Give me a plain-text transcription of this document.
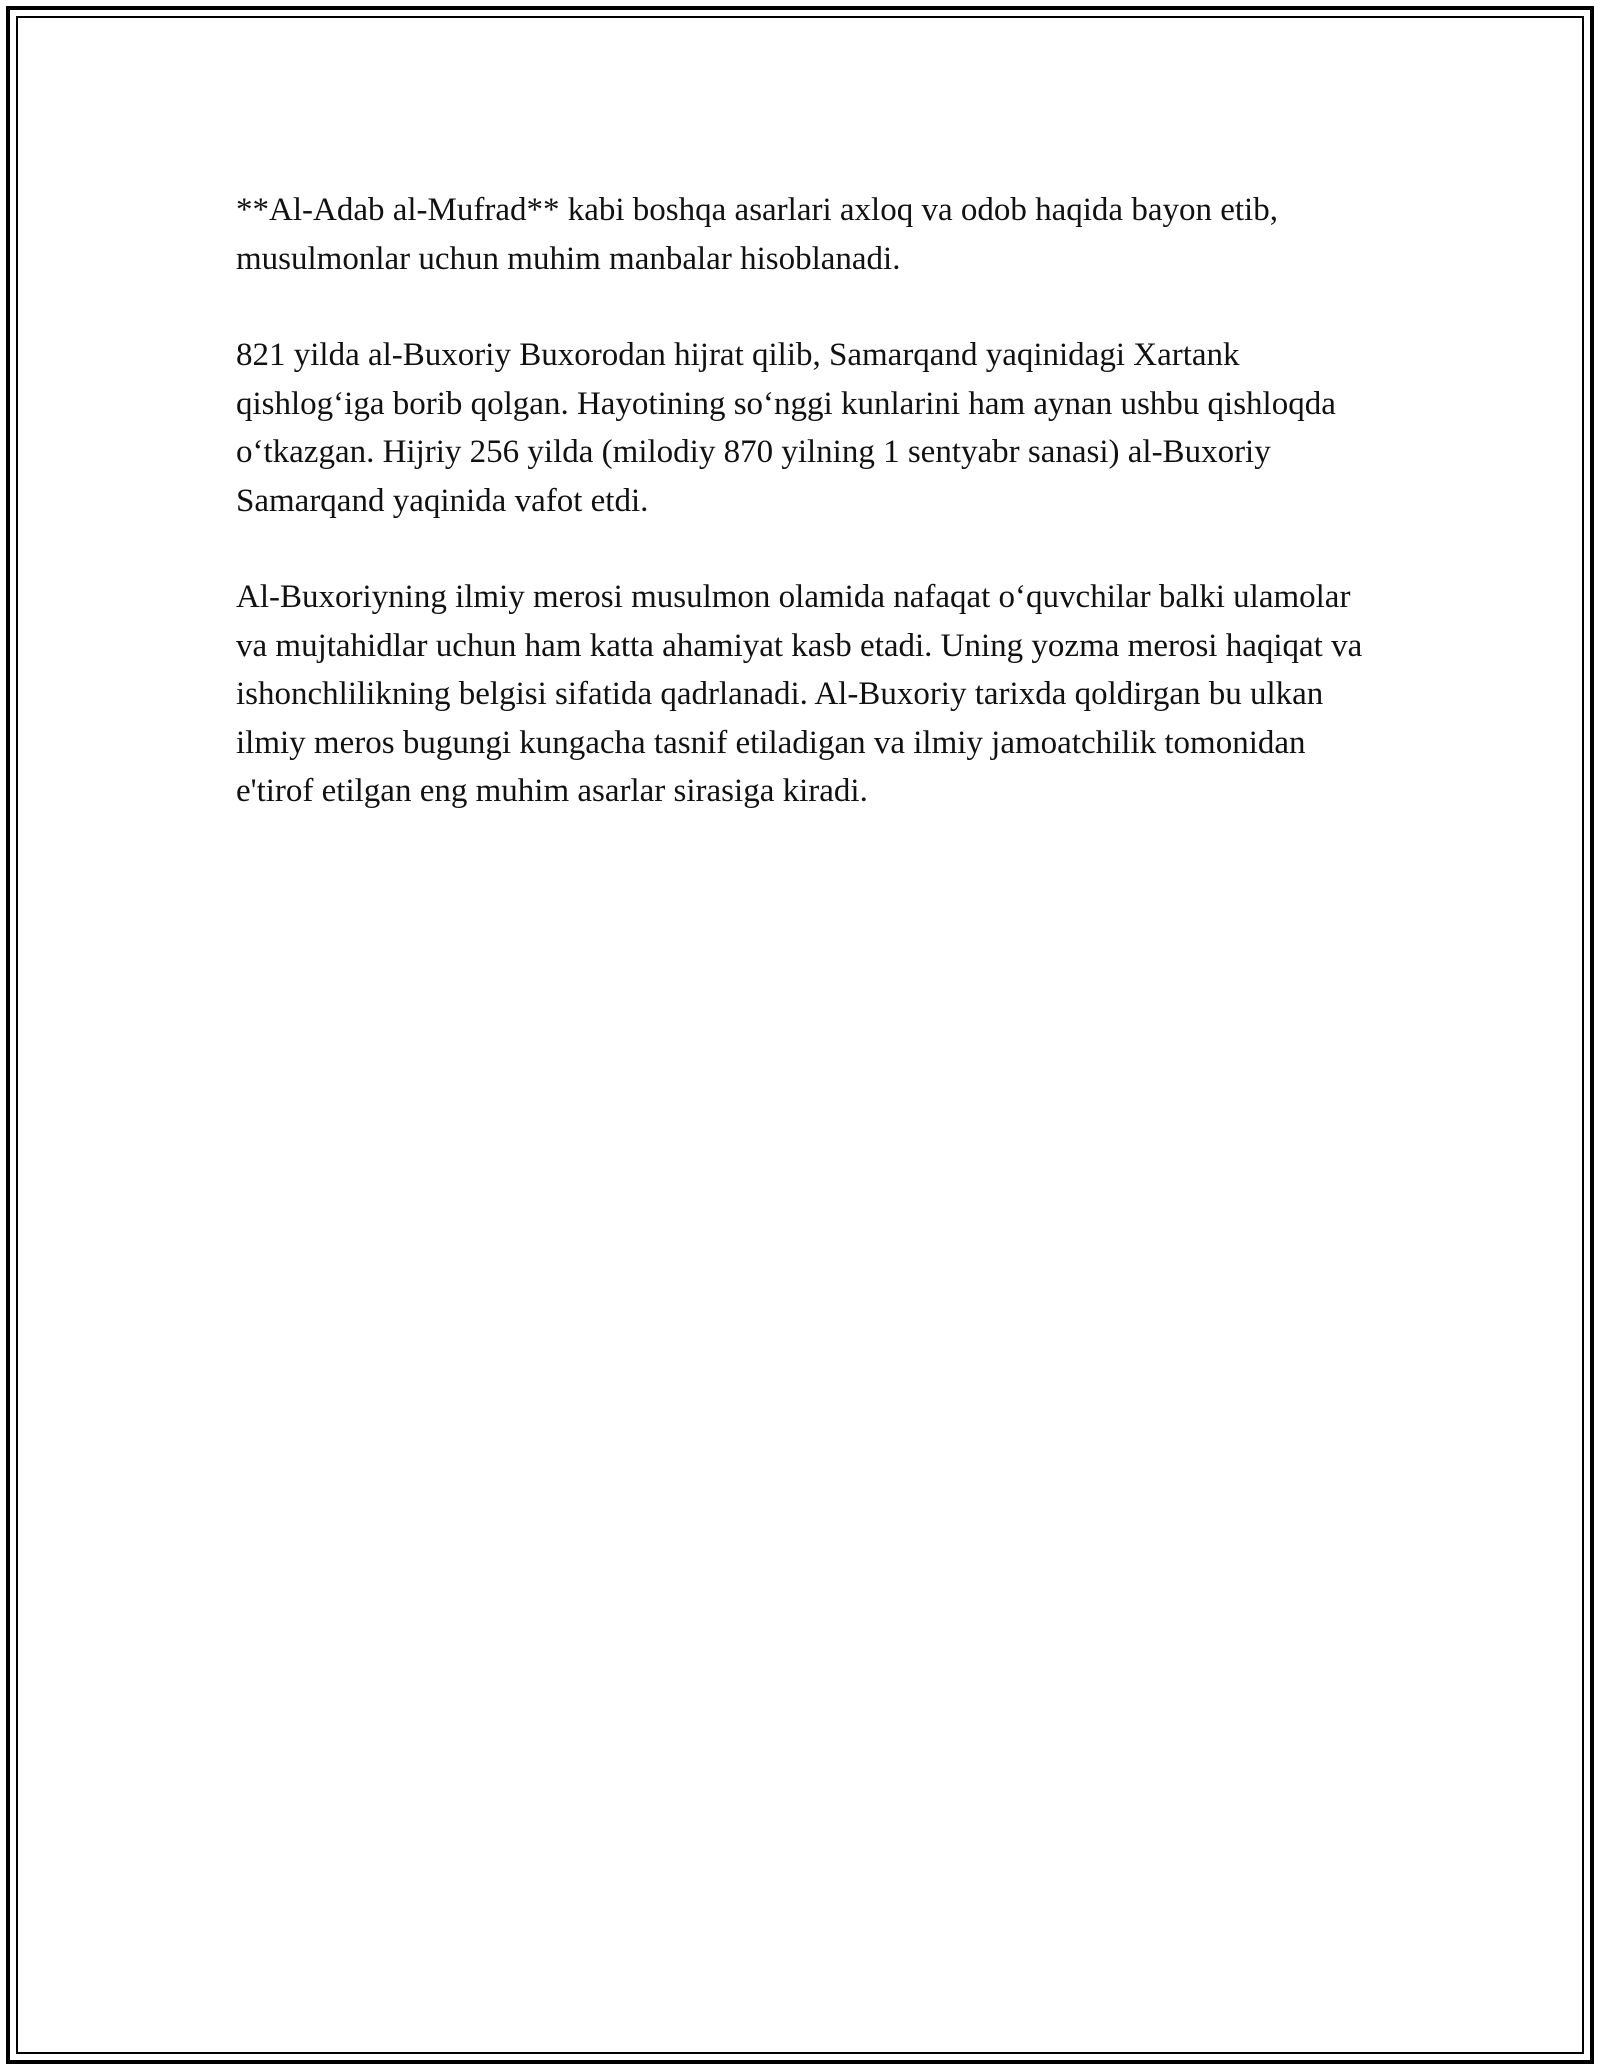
**Al-Adab al-Mufrad** kabi boshqa asarlari axloq va odob haqida bayon etib, musulmonlar uchun muhim manbalar hisoblanadi.

821 yilda al-Buxoriy Buxorodan hijrat qilib, Samarqand yaqinidagi Xartank qishlog‘iga borib qolgan. Hayotining so‘nggi kunlarini ham aynan ushbu qishloqda o‘tkazgan. Hijriy 256 yilda (milodiy 870 yilning 1 sentyabr sanasi) al-Buxoriy Samarqand yaqinida vafot etdi.

Al-Buxoriyning ilmiy merosi musulmon olamida nafaqat o‘quvchilar balki ulamolar va mujtahidlar uchun ham katta ahamiyat kasb etadi. Uning yozma merosi haqiqat va ishonchlilikning belgisi sifatida qadrlanadi. Al-Buxoriy tarixda qoldirgan bu ulkan ilmiy meros bugungi kungacha tasnif etiladigan va ilmiy jamoatchilik tomonidan e'tirof etilgan eng muhim asarlar sirasiga kiradi.
